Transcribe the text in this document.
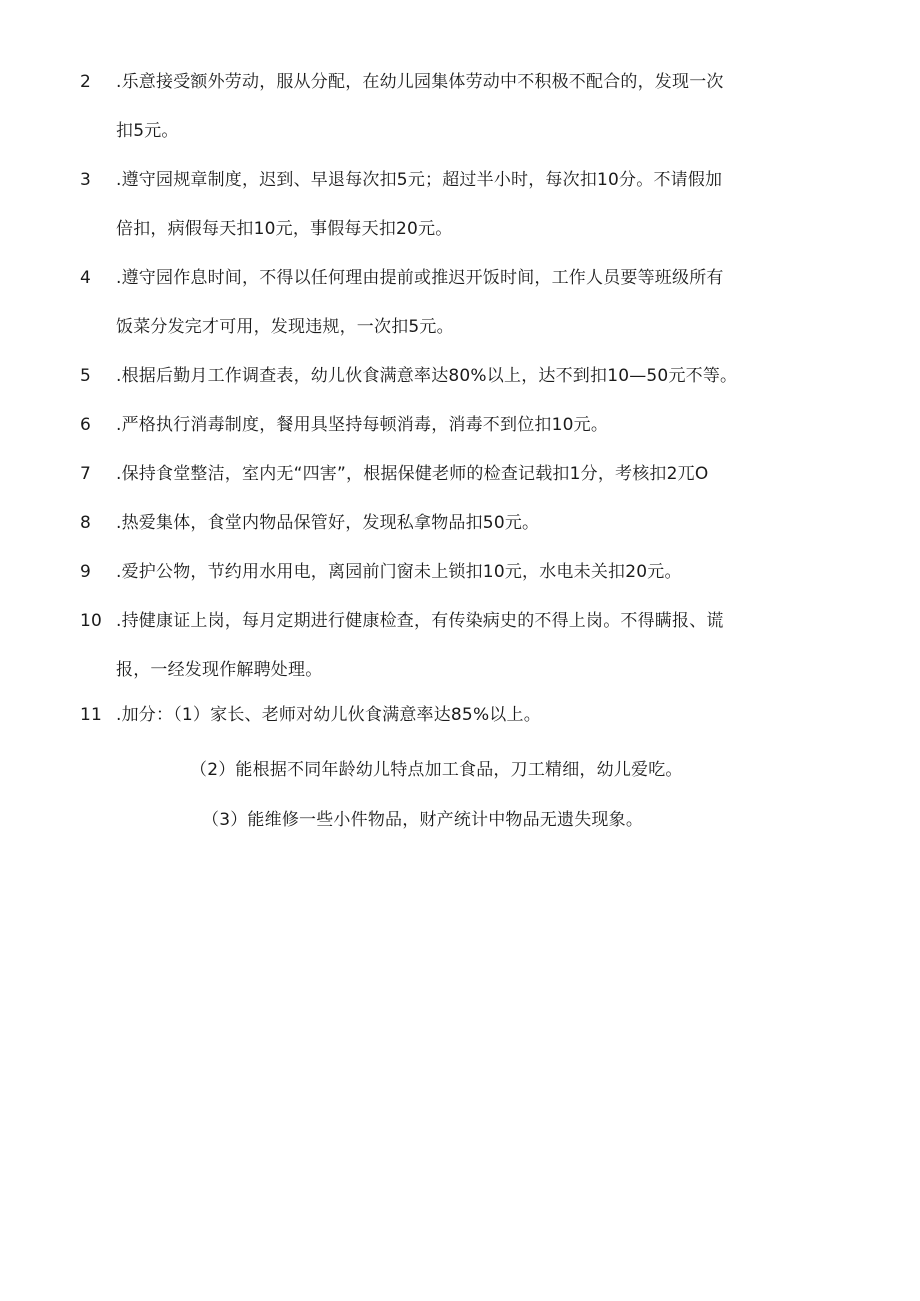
2 .乐意接受额外劳动，服从分配，在幼儿园集体劳动中不积极不配合的，发现一次
扣5元。
3 .遵守园规章制度，迟到、早退每次扣5元；超过半小时，每次扣10分。不请假加
倍扣，病假每天扣10元，事假每天扣20元。
4 .遵守园作息时间，不得以任何理由提前或推迟开饭时间，工作人员要等班级所有
饭菜分发完才可用，发现违规，一次扣5元。
5 .根据后勤月工作调查表，幼儿伙食满意率达80%以上，达不到扣10—50元不等。
6 .严格执行消毒制度，餐用具坚持每顿消毒，消毒不到位扣10元。
7 .保持食堂整洁，室内无“四害”，根据保健老师的检查记载扣1分，考核扣2兀O
8 .热爱集体，食堂内物品保管好，发现私拿物品扣50元。
9 .爱护公物，节约用水用电，离园前门窗未上锁扣10元，水电未关扣20元。
10 .持健康证上岗，每月定期进行健康检查，有传染病史的不得上岗。不得瞒报、谎
报，一经发现作解聘处理。
11 .加分：（1）家长、老师对幼儿伙食满意率达85%以上。
（2）能根据不同年龄幼儿特点加工食品，刀工精细，幼儿爱吃。
（3）能维修一些小件物品，财产统计中物品无遗失现象。
